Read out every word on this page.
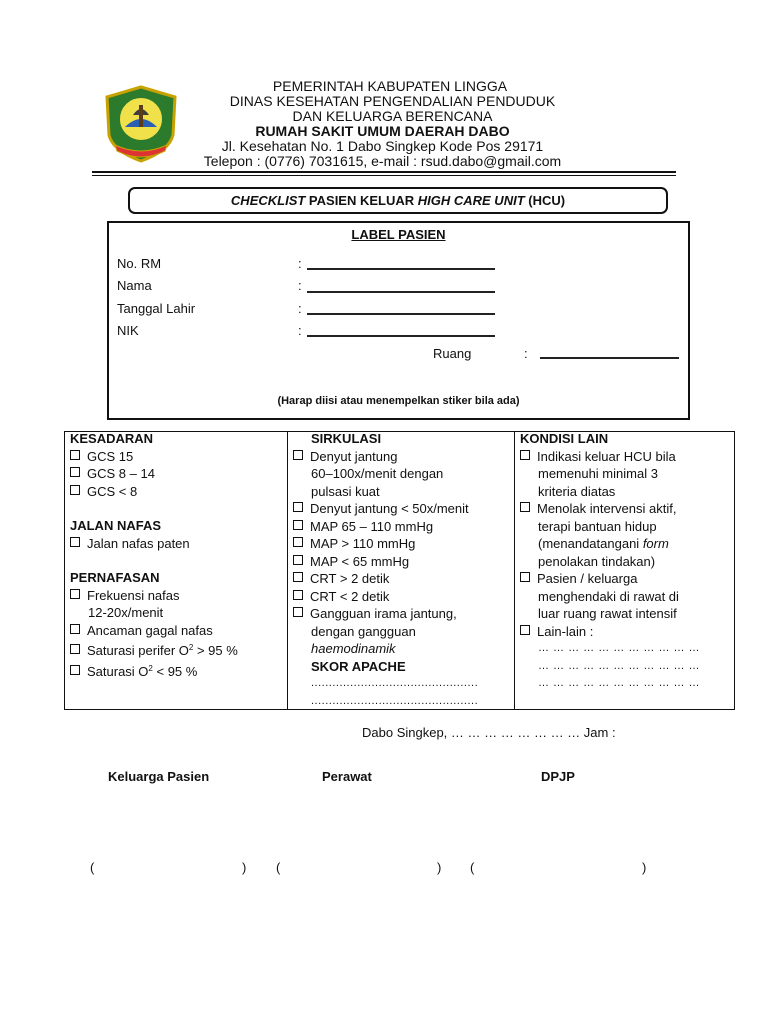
PEMERINTAH KABUPATEN LINGGA
DINAS KESEHATAN PENGENDALIAN PENDUDUK
DAN KELUARGA BERENCANA
RUMAH SAKIT UMUM DAERAH DABO
Jl. Kesehatan No. 1 Dabo Singkep Kode Pos 29171
Telepon : (0776) 7031615, e-mail : rsud.dabo@gmail.com
CHECKLIST PASIEN KELUAR HIGH CARE UNIT (HCU)
LABEL PASIEN
No. RM	:
Nama	:
Tanggal Lahir	:
NIK	:
Ruang	:
(Harap diisi atau menempelkan stiker bila ada)
KESADARAN
GCS 15
GCS 8 – 14
GCS < 8
JALAN NAFAS
Jalan nafas paten
PERNAFASAN
Frekuensi nafas
12-20x/menit
Ancaman gagal nafas
Saturasi perifer $O^2 > 95$ %
Saturasi $O^2 < 95$ %
SIRKULASI
Denyut jantung
60–100x/menit dengan
pulsasi kuat
Denyut jantung < 50x/menit
MAP 65 – 110 mmHg
MAP > 110 mmHg
MAP < 65 mmHg
CRT > 2 detik
CRT < 2 detik
Gangguan irama jantung,
dengan gangguan
haemodinamik
SKOR APACHE
...............................................
...............................................
KONDISI LAIN
Indikasi keluar HCU bila
memenuhi minimal 3
kriteria diatas
Menolak intervensi aktif,
terapi bantuan hidup
(menandatangani form
penolakan tindakan)
Pasien / keluarga
menghendaki di rawat di
luar ruang rawat intensif
Lain-lain :
… … … … … … … … … … …
… … … … … … … … … … …
… … … … … … … … … … …
Dabo Singkep, … … … … … … … … Jam :
Keluarga Pasien	Perawat	DPJP
(	) (	) (	)
